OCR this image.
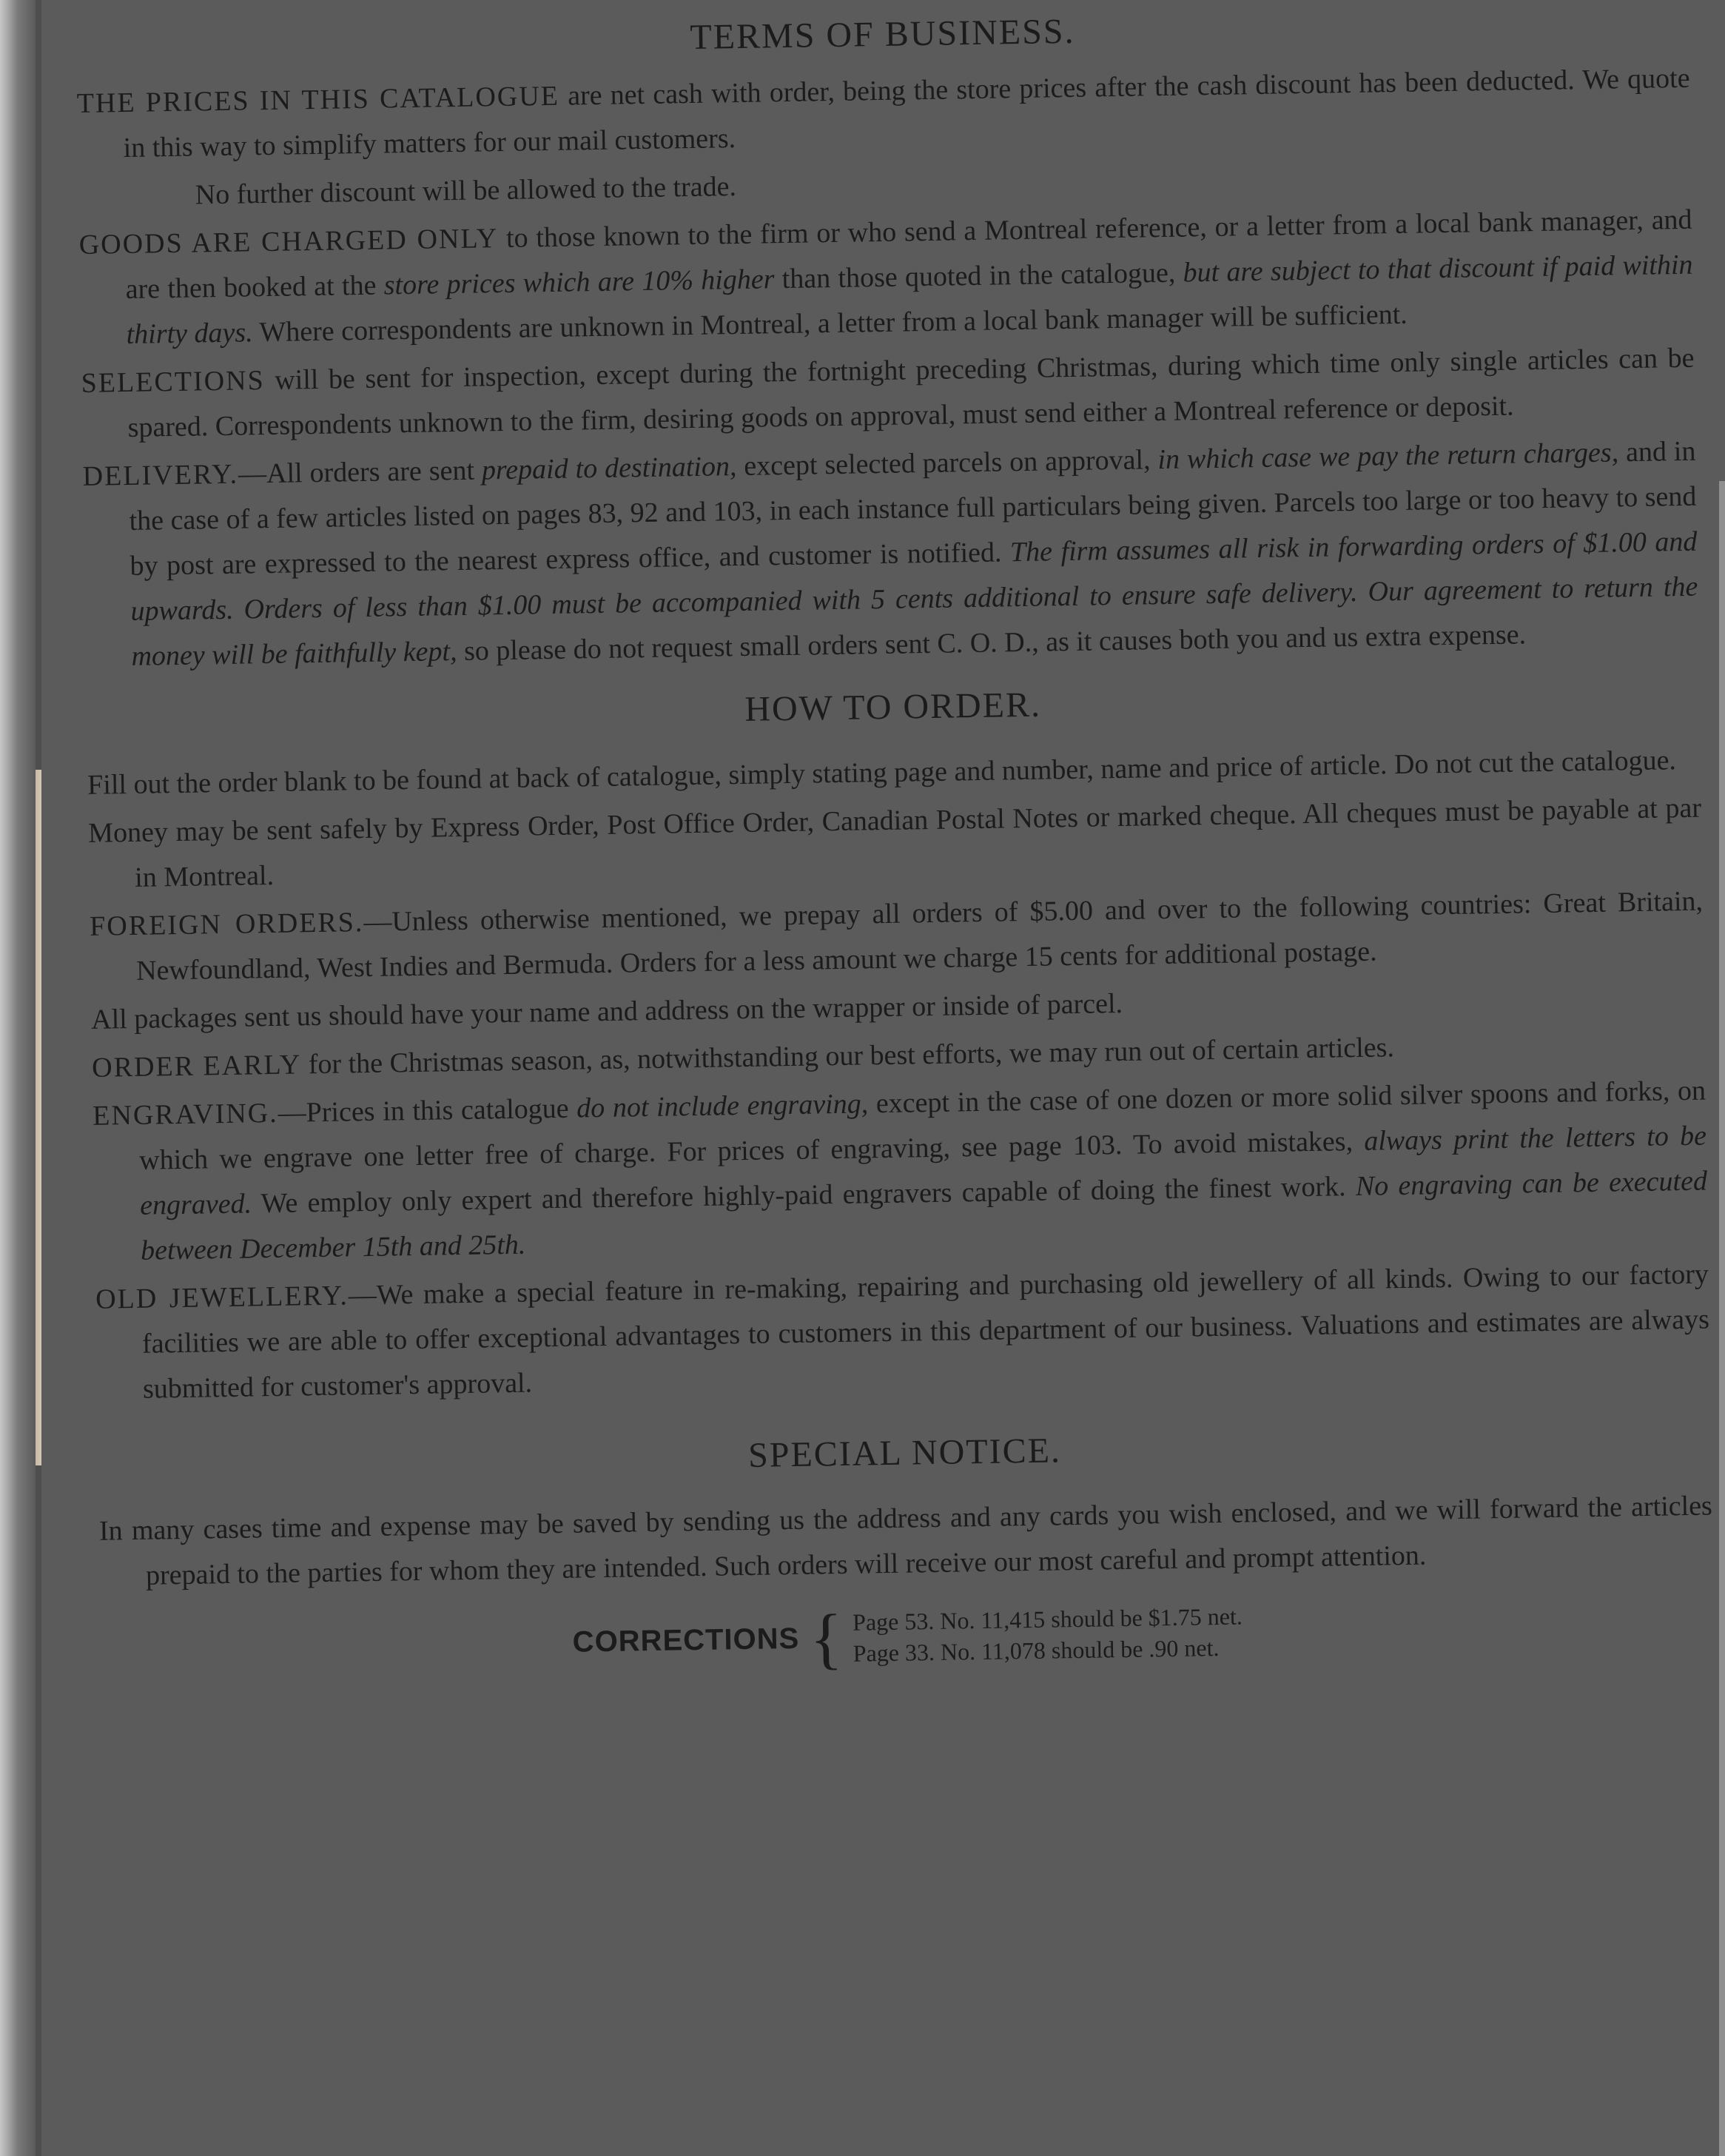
TERMS OF BUSINESS.

THE PRICES IN THIS CATALOGUE are net cash with order, being the store prices after the cash discount has been deducted. We quote in this way to simplify matters for our mail customers.

No further discount will be allowed to the trade.

GOODS ARE CHARGED ONLY to those known to the firm or who send a Montreal reference, or a letter from a local bank manager, and are then booked at the store prices which are 10% higher than those quoted in the catalogue, but are subject to that discount if paid within thirty days. Where correspondents are unknown in Montreal, a letter from a local bank manager will be sufficient.

SELECTIONS will be sent for inspection, except during the fortnight preceding Christmas, during which time only single articles can be spared. Correspondents unknown to the firm, desiring goods on approval, must send either a Montreal reference or deposit.

DELIVERY.—All orders are sent prepaid to destination, except selected parcels on approval, in which case we pay the return charges, and in the case of a few articles listed on pages 83, 92 and 103, in each instance full particulars being given. Parcels too large or too heavy to send by post are expressed to the nearest express office, and customer is notified. The firm assumes all risk in forwarding orders of $1.00 and upwards. Orders of less than $1.00 must be accompanied with 5 cents additional to ensure safe delivery. Our agreement to return the money will be faithfully kept, so please do not request small orders sent C. O. D., as it causes both you and us extra expense.

HOW TO ORDER.

Fill out the order blank to be found at back of catalogue, simply stating page and number, name and price of article. Do not cut the catalogue.

Money may be sent safely by Express Order, Post Office Order, Canadian Postal Notes or marked cheque. All cheques must be payable at par in Montreal.

FOREIGN ORDERS.—Unless otherwise mentioned, we prepay all orders of $5.00 and over to the following countries: Great Britain, Newfoundland, West Indies and Bermuda. Orders for a less amount we charge 15 cents for additional postage.

All packages sent us should have your name and address on the wrapper or inside of parcel.

ORDER EARLY for the Christmas season, as, notwithstanding our best efforts, we may run out of certain articles.

ENGRAVING.—Prices in this catalogue do not include engraving, except in the case of one dozen or more solid silver spoons and forks, on which we engrave one letter free of charge. For prices of engraving, see page 103. To avoid mistakes, always print the letters to be engraved. We employ only expert and therefore highly-paid engravers capable of doing the finest work. No engraving can be executed between December 15th and 25th.

OLD JEWELLERY.—We make a special feature in re-making, repairing and purchasing old jewellery of all kinds. Owing to our factory facilities we are able to offer exceptional advantages to customers in this department of our business. Valuations and estimates are always submitted for customer's approval.

SPECIAL NOTICE.

In many cases time and expense may be saved by sending us the address and any cards you wish enclosed, and we will forward the articles prepaid to the parties for whom they are intended. Such orders will receive our most careful and prompt attention.

CORRECTIONS { Page 53. No. 11,415 should be $1.75 net.
Page 33. No. 11,078 should be .90 net.
